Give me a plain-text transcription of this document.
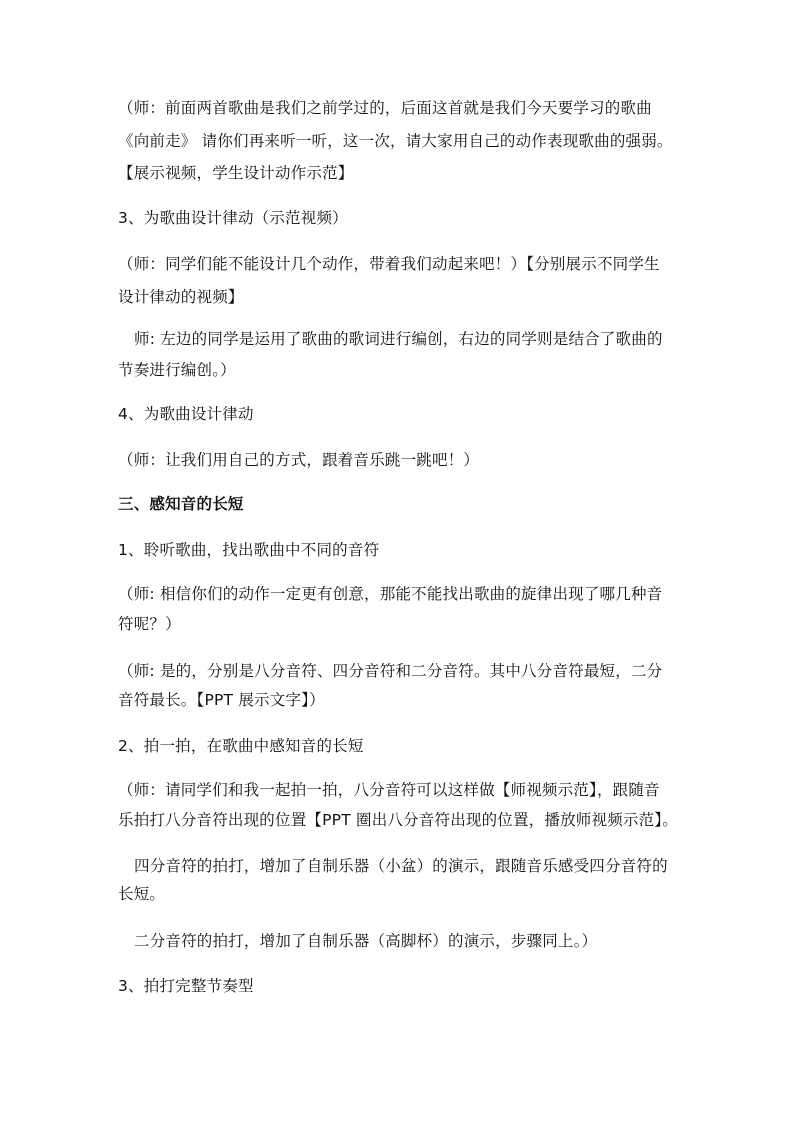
（师：前面两首歌曲是我们之前学过的，后面这首就是我们今天要学习的歌曲
《向前走》 请你们再来听一听，这一次，请大家用自己的动作表现歌曲的强弱。
【展示视频，学生设计动作示范】
3、为歌曲设计律动（示范视频）
（师：同学们能不能设计几个动作，带着我们动起来吧！）【分别展示不同学生
设计律动的视频】
师: 左边的同学是运用了歌曲的歌词进行编创，右边的同学则是结合了歌曲的
节奏进行编创。）
4、为歌曲设计律动
（师：让我们用自己的方式，跟着音乐跳一跳吧！）
三、感知音的长短
1、聆听歌曲，找出歌曲中不同的音符
（师: 相信你们的动作一定更有创意，那能不能找出歌曲的旋律出现了哪几种音
符呢？）
（师: 是的，分别是八分音符、四分音符和二分音符。其中八分音符最短，二分
音符最长。【PPT 展示文字】）
2、拍一拍，在歌曲中感知音的长短
（师：请同学们和我一起拍一拍，八分音符可以这样做【师视频示范】，跟随音
乐拍打八分音符出现的位置【PPT 圈出八分音符出现的位置，播放师视频示范】。
四分音符的拍打，增加了自制乐器（小盆）的演示，跟随音乐感受四分音符的
长短。
二分音符的拍打，增加了自制乐器（高脚杯）的演示，步骤同上。）
3、拍打完整节奏型
